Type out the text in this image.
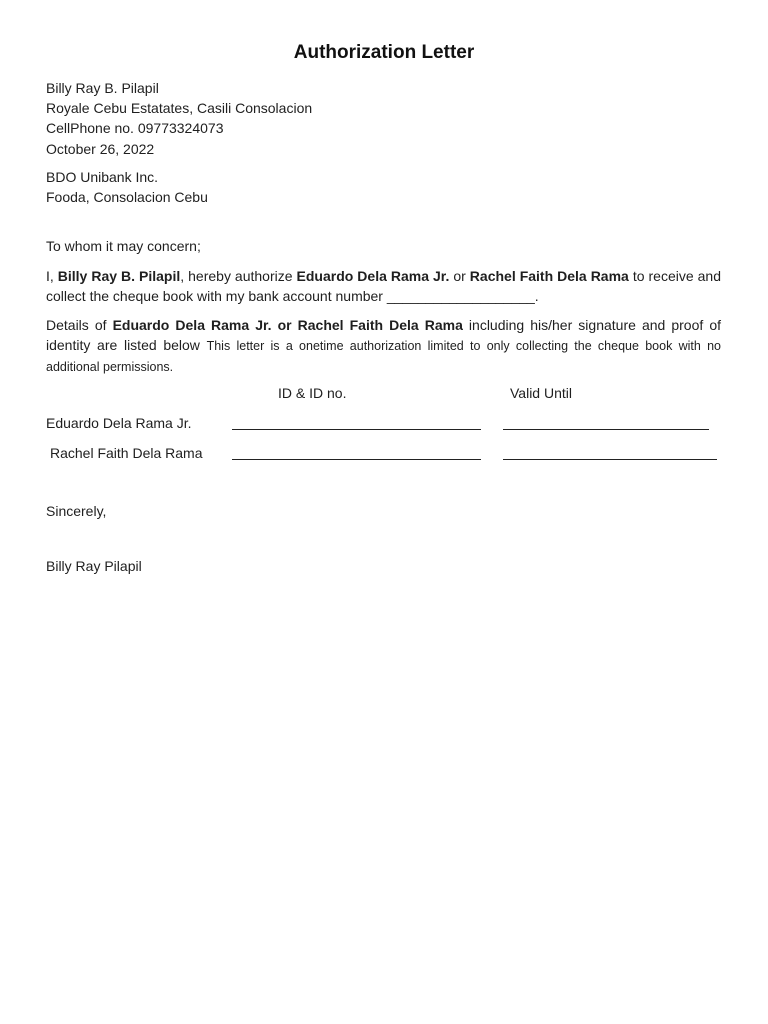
Authorization Letter
Billy Ray B. Pilapil
Royale Cebu Estatates, Casili Consolacion
CellPhone no. 09773324073
October 26, 2022
BDO Unibank Inc.
Fooda, Consolacion Cebu
To whom it may concern;
I, Billy Ray B. Pilapil, hereby authorize Eduardo Dela Rama Jr. or Rachel Faith Dela Rama to receive and collect the cheque book with my bank account number ___________________.
Details of Eduardo Dela Rama Jr. or Rachel Faith Dela Rama including his/her signature and proof of identity are listed below This letter is a onetime authorization limited to only collecting the cheque book with no additional permissions.
ID & ID no.	Valid Until
Eduardo Dela Rama Jr.
Rachel Faith Dela Rama
Sincerely,
Billy Ray Pilapil
